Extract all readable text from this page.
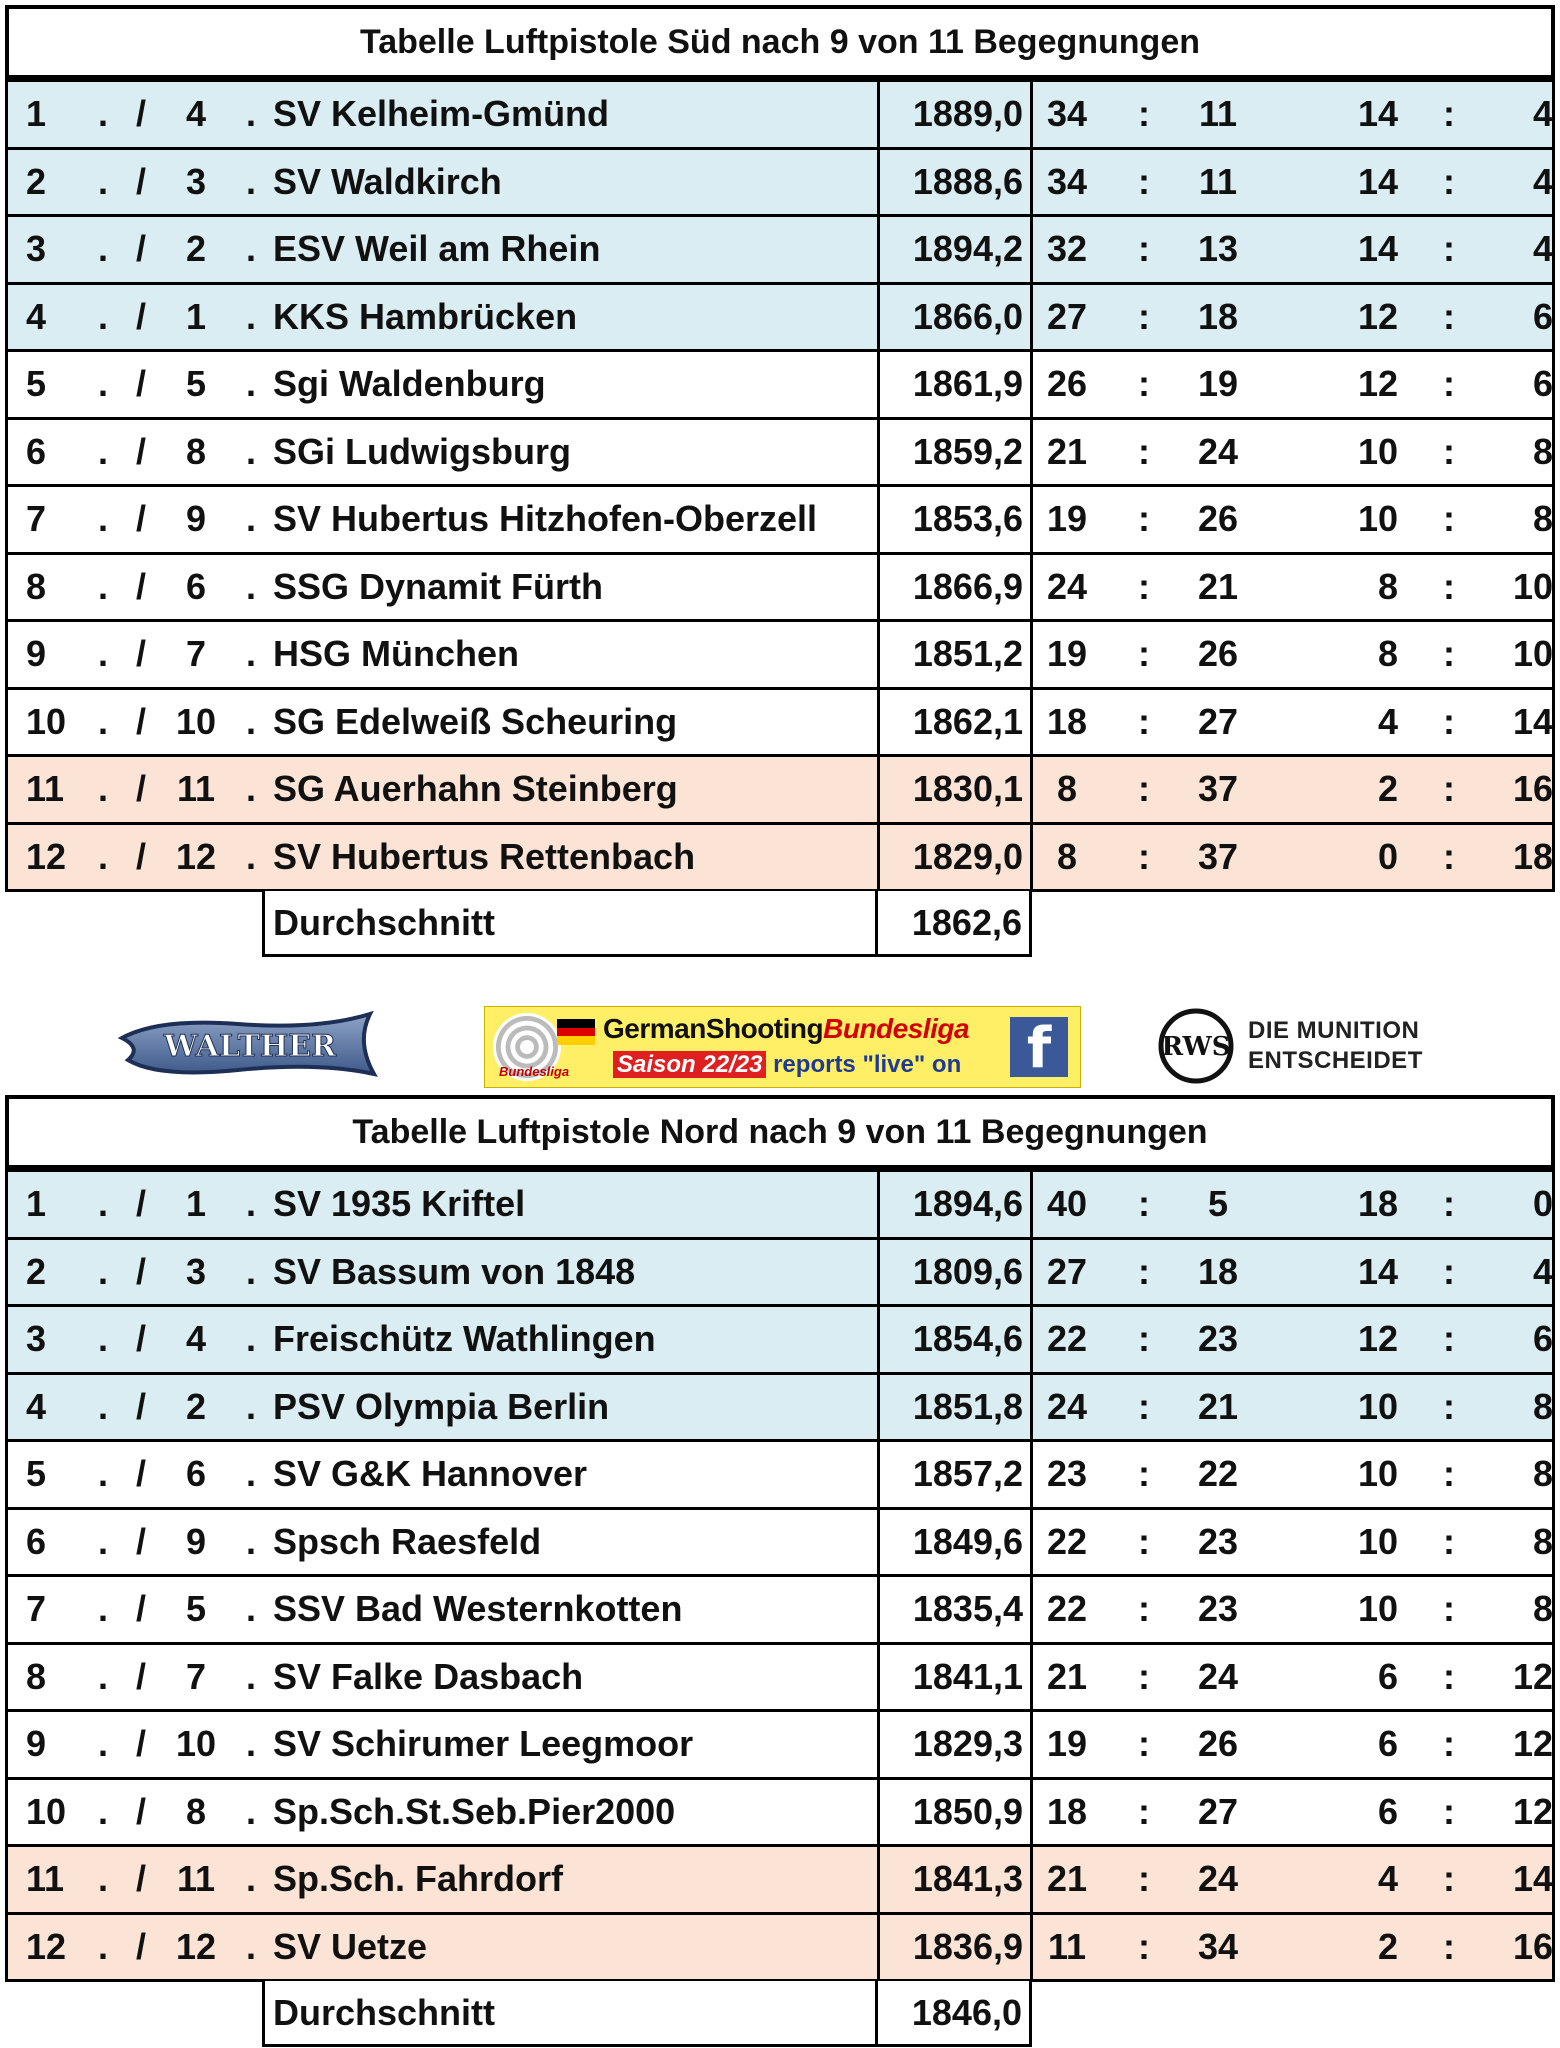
Tabelle Luftpistole Süd nach 9 von 11 Begegnungen
1	. /	4	. SV Kelheim-Gmünd	1889,0 34	:	11	14 :	4
2	. /	3	. SV Waldkirch	1888,6 34	:	11	14 :	4
3	. /	2	. ESV Weil am Rhein	1894,2 32	:	13	14 :	4
4	. /	1	. KKS Hambrücken	1866,0 27	:	18	12 :	6
5	. /	5	. Sgi Waldenburg	1861,9 26	:	19	12 :	6
6	. /	8	. SGi Ludwigsburg	1859,2 21	:	24	10 :	8
7	. /	9	. SV Hubertus Hitzhofen-Oberzell	1853,6 19	:	26	10 :	8
8	. /	6	. SSG Dynamit Fürth	1866,9 24	:	21	8 :	10
9	. /	7	. HSG München	1851,2 19	:	26	8 :	10
10 . / 10 . SG Edelweiß Scheuring	1862,1 18	:	27	4 :	14
11 . / 11 . SG Auerhahn Steinberg	1830,1 8	:	37	2 :	16
12 . / 12 . SV Hubertus Rettenbach	1829,0 8	:	37	0 :	18
Durchschnitt	1862,6
WALTHER
Bundesliga
GermanShootingBundesliga
Saison 22/23 reports "live" on	f	RWS
DIE MUNITION
ENTSCHEIDET
Tabelle Luftpistole Nord nach 9 von 11 Begegnungen
1	. /	1	. SV 1935 Kriftel	1894,6 40	:	5	18 :	0
2	. /	3	. SV Bassum von 1848	1809,6 27	:	18	14 :	4
3	. /	4	. Freischütz Wathlingen	1854,6 22	:	23	12 :	6
4	. /	2	. PSV Olympia Berlin	1851,8 24	:	21	10 :	8
5	. /	6	. SV G&K Hannover	1857,2 23	:	22	10 :	8
6	. /	9	. Spsch Raesfeld	1849,6 22	:	23	10 :	8
7	. /	5	. SSV Bad Westernkotten	1835,4 22	:	23	10 :	8
8	. /	7	. SV Falke Dasbach	1841,1 21	:	24	6 :	12
9	. / 10 . SV Schirumer Leegmoor	1829,3 19	:	26	6 :	12
10 . /	8	. Sp.Sch.St.Seb.Pier2000	1850,9 18	:	27	6 :	12
11 . / 11 . Sp.Sch. Fahrdorf	1841,3 21	:	24	4 :	14
12 . / 12 . SV Uetze	1836,9 11	:	34	2 :	16
Durchschnitt	1846,0
